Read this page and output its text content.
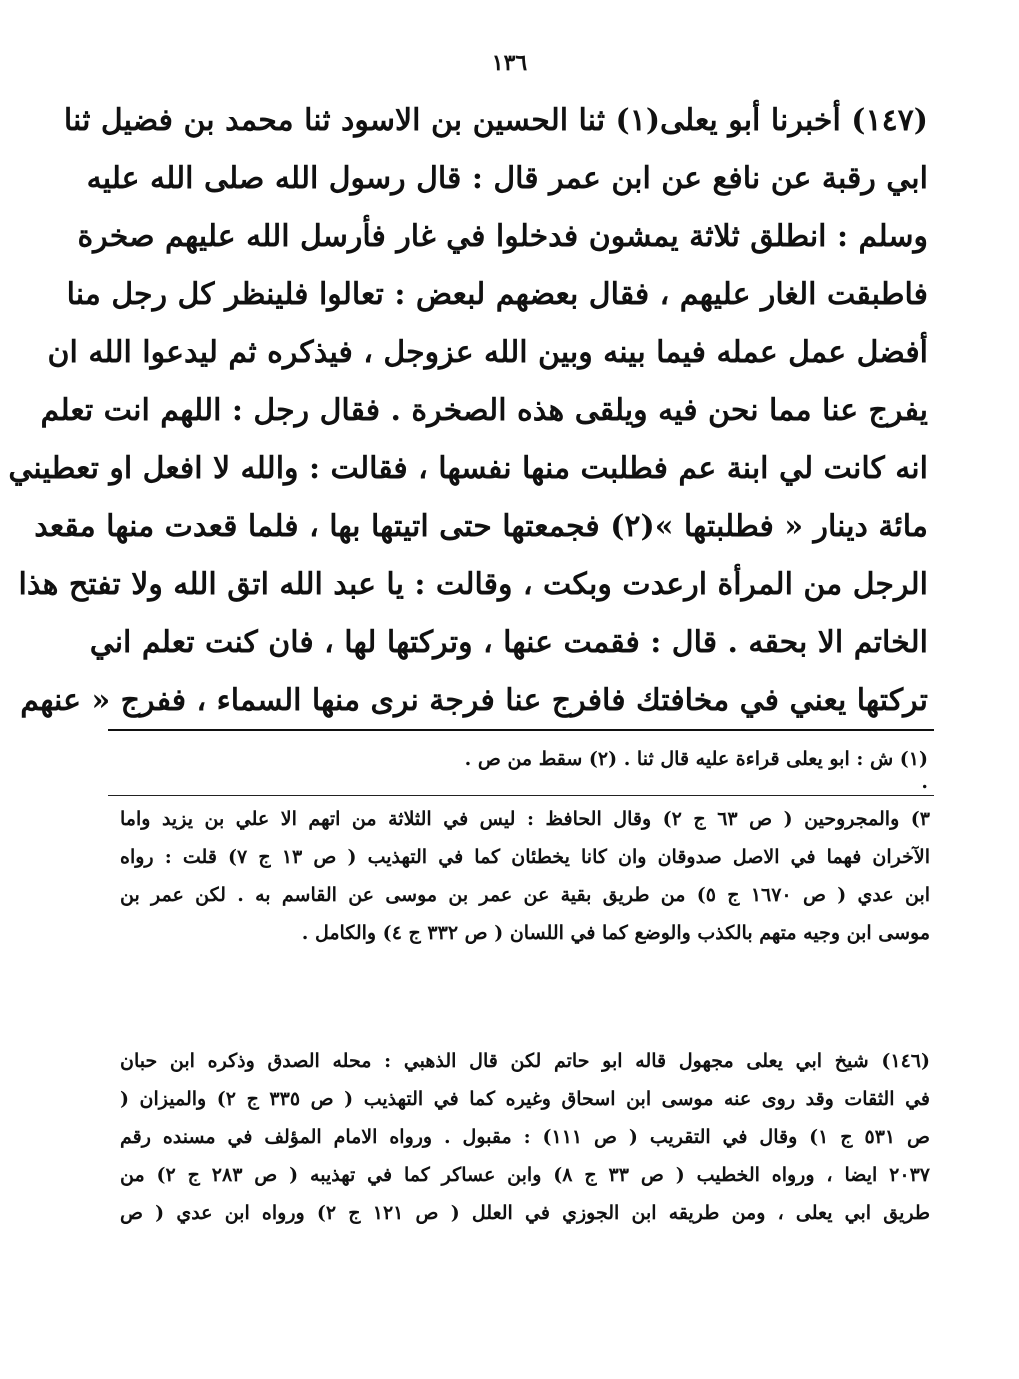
١٣٦
(١٤٧) أخبرنا أبو يعلى(١) ثنا الحسين بن الاسود ثنا محمد بن فضيل ثنا
ابي رقبة عن نافع عن ابن عمر قال : قال رسول الله صلى الله عليه
وسلم : انطلق ثلاثة يمشون فدخلوا في غار فأرسل الله عليهم صخرة
فاطبقت الغار عليهم ، فقال بعضهم لبعض : تعالوا فلينظر كل رجل منا
أفضل عمل عمله فيما بينه وبين الله عزوجل ، فيذكره ثم ليدعوا الله ان
يفرج عنا مما نحن فيه ويلقى هذه الصخرة . فقال رجل : اللهم انت تعلم
انه كانت لي ابنة عم فطلبت منها نفسها ، فقالت : والله لا افعل او تعطيني
مائة دينار « فطلبتها »(٢) فجمعتها حتى اتيتها بها ، فلما قعدت منها مقعد
الرجل من المرأة ارعدت وبكت ، وقالت : يا عبد الله اتق الله ولا تفتح هذا
الخاتم الا بحقه . قال : فقمت عنها ، وتركتها لها ، فان كنت تعلم اني
تركتها يعني في مخافتك فافرج عنا فرجة نرى منها السماء ، ففرج « عنهم
(١) ش : ابو يعلى قراءة عليه قال ثنا . (٢) سقط من ص .
.
٣) والمجروحين ( ص ٦٣ ج ٢) وقال الحافظ : ليس في الثلاثة من اتهم الا علي بن يزيد واما
الآخران فهما في الاصل صدوقان وان كانا يخطئان كما في التهذيب ( ص ١٣ ج ٧) قلت : رواه
ابن عدي ( ص ١٦٧٠ ج ٥) من طريق بقية عن عمر بن موسى عن القاسم به . لكن عمر بن
موسى ابن وجيه متهم بالكذب والوضع كما في اللسان ( ص ٣٣٢ ج ٤) والكامل .
(١٤٦) شيخ ابي يعلى مجهول قاله ابو حاتم لكن قال الذهبي : محله الصدق وذكره ابن حبان
في الثقات وقد روى عنه موسى ابن اسحاق وغيره كما في التهذيب ( ص ٣٣٥ ج ٢) والميزان (
ص ٥٣١ ج ١) وقال في التقريب ( ص ١١١) : مقبول . ورواه الامام المؤلف في مسنده رقم
٢٠٣٧ ايضا ، ورواه الخطيب ( ص ٣٣ ج ٨) وابن عساكر كما في تهذيبه ( ص ٢٨٣ ج ٢) من
طريق ابي يعلى ، ومن طريقه ابن الجوزي في العلل ( ص ١٢١ ج ٢) ورواه ابن عدي ( ص
